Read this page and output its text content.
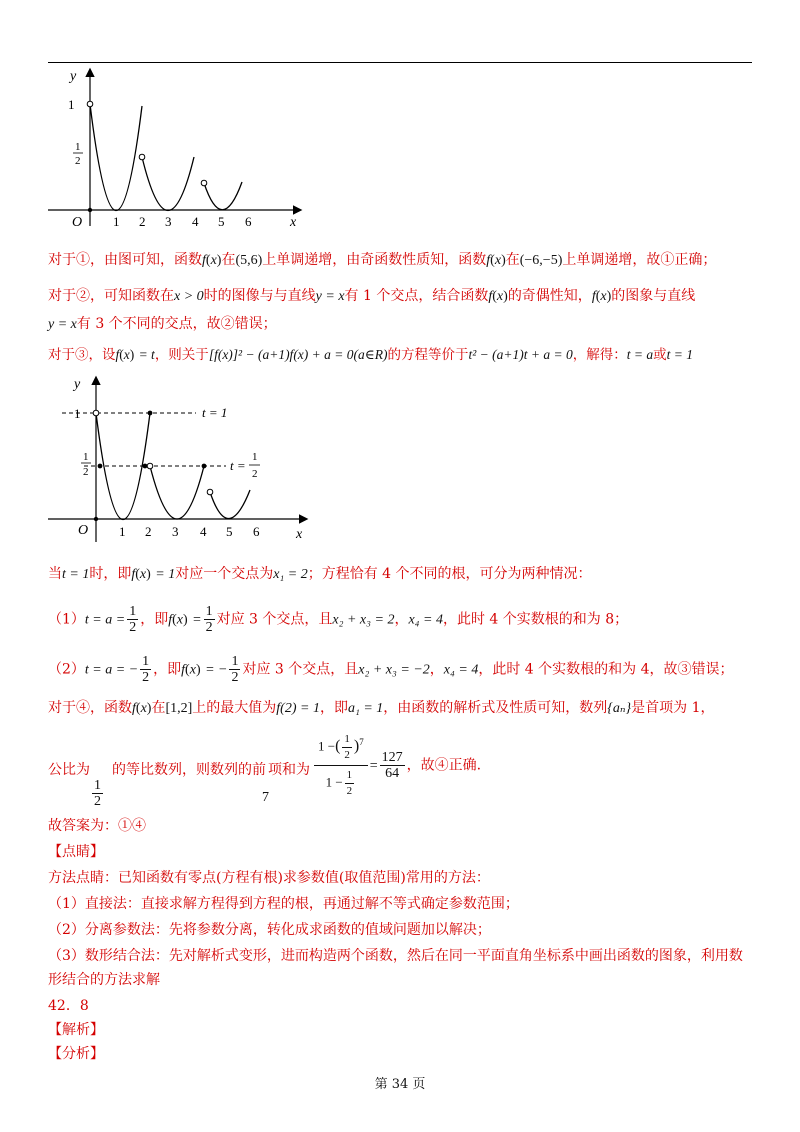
y
x
O
1
1
2
1 2 3 4 5 6
对于①，由图可知，函数f(x)在(5,6)上单调递增，由奇函数性质知，函数f(x)在(−6,−5)上单调递增，故①正确；
对于②，可知函数在x > 0时的图像与与直线y = x有 1 个交点，结合函数f(x)的奇偶性知，f(x)的图象与直线
y = x有 3 个不同的交点，故②错误；
对于③，设f(x) = t，则关于[f(x)]² − (a+1)f(x) + a = 0(a∈R)的方程等价于t² − (a+1)t + a = 0，解得：t = a或t = 1
y
x
O
1
1
2
1 2 3 4 5 6
t = 1
t =
1
2
当t = 1时，即f(x) = 1对应一个交点为x₁ = 2；方程恰有 4 个不同的根，可分为两种情况：
$(1)t = a = \frac{1}{2}$ ，即$f(x) = \frac{1}{2}$ 对应 3 个交点，且x₂ + x₃ = 2，x₄ = 4，此时 4 个实数根的和为 8；
（2）t = a = − $\frac{1}{2}$ ，即f(x) = − $\frac{1}{2}$ 对应 3 个交点，且x₂ + x₃ = −2，x₄ = 4，此时 4 个实数根的和为 4，故③错误；
对于④，函数f(x)在[1,2]上的最大值为f(2) = 1，即a₁ = 1，由函数的解析式及性质可知，数列{aₙ}是首项为 1，
公比为
$\frac{1}{2}$
的等比数列，则数列的前
7
项和为 $\frac{1 -( \frac{1}{2} )^7}{1 - \frac{1}{2}} = \frac{127}{64}$ ，故④正确.
故答案为：①④
【点睛】
方法点睛：已知函数有零点(方程有根)求参数值(取值范围)常用的方法：
（1）直接法：直接求解方程得到方程的根，再通过解不等式确定参数范围；
（2）分离参数法：先将参数分离，转化成求函数的值域问题加以解决；
（3）数形结合法：先对解析式变形，进而构造两个函数，然后在同一平面直角坐标系中画出函数的图象，利用数
形结合的方法求解
42．8
【解析】
【分析】
第 34 页
